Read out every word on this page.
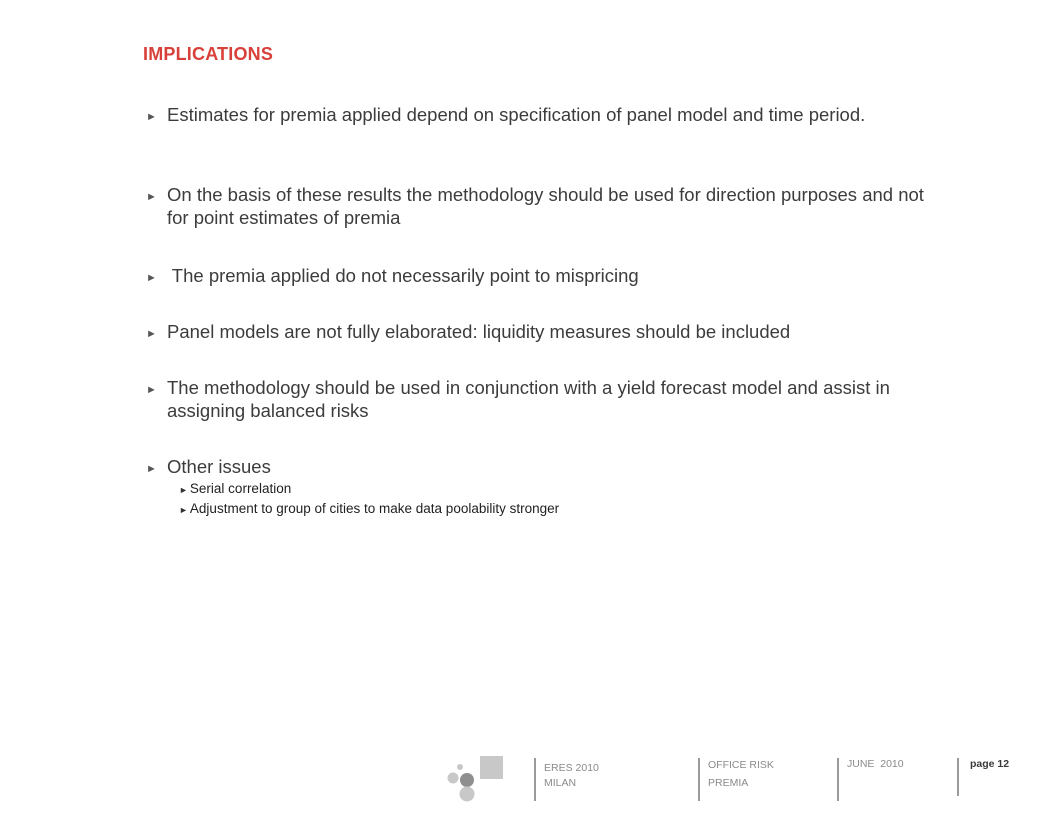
IMPLICATIONS
► Estimates for premia applied depend on specification of panel model and time period.
► On the basis of these results the methodology should be used for direction purposes and not for point estimates of premia
► The premia applied do not necessarily point to mispricing
► Panel models are not fully elaborated: liquidity measures should be included
► The methodology should be used in conjunction with a yield forecast model and assist in assigning balanced risks
► Other issues
► Serial correlation
► Adjustment to group of cities to make data poolability stronger
ERES 2010
MILAN
OFFICE RISK
PREMIA
JUNE  2010	page 12
